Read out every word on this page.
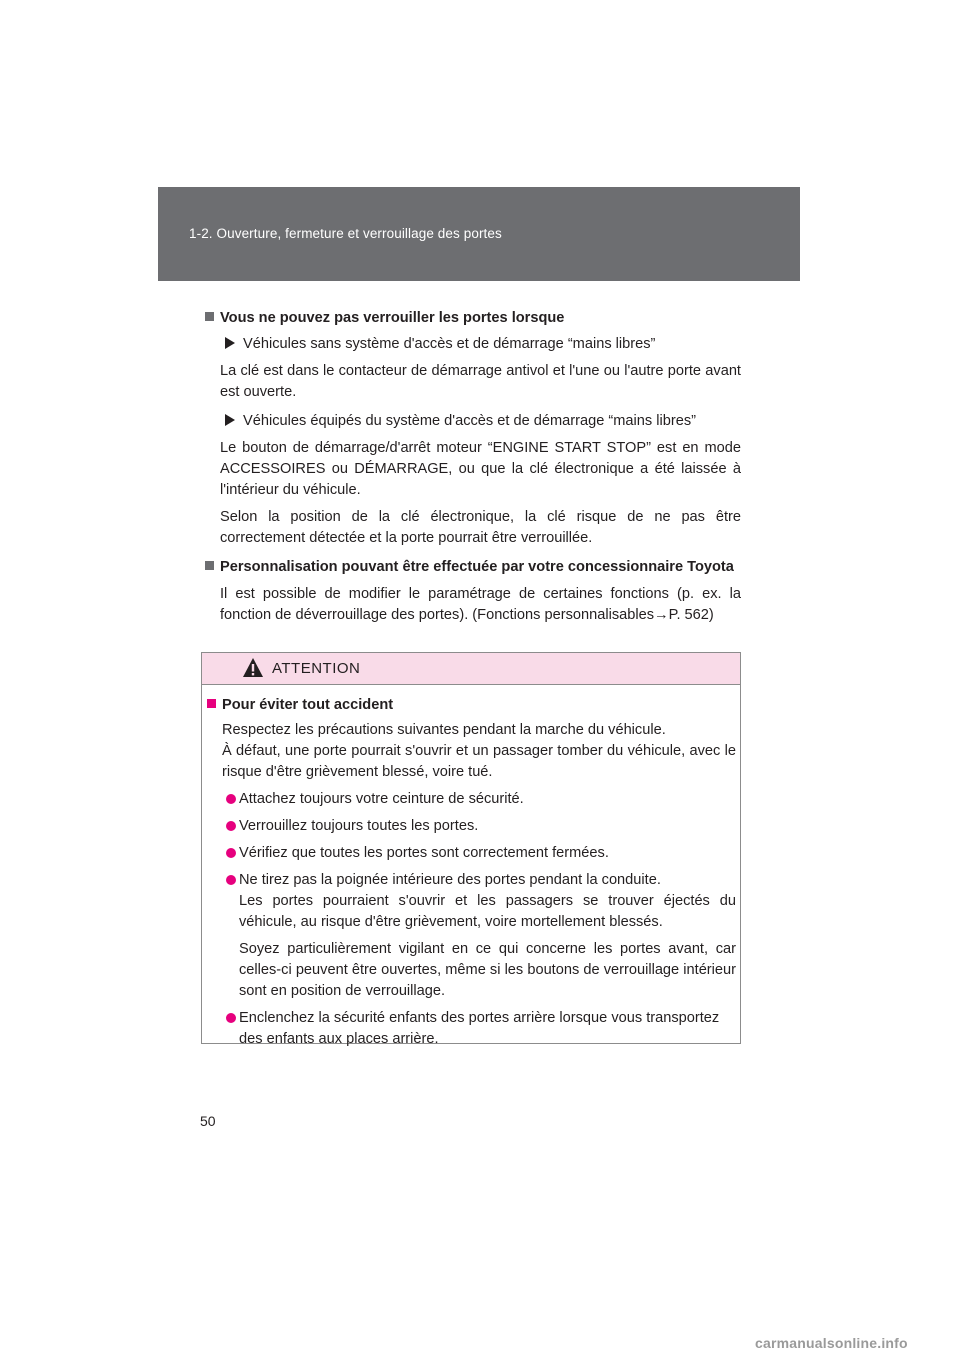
1-2. Ouverture, fermeture et verrouillage des portes

Vous ne pouvez pas verrouiller les portes lorsque

Véhicules sans système d'accès et de démarrage “mains libres”

La clé est dans le contacteur de démarrage antivol et l'une ou l'autre porte avant est ouverte.

Véhicules équipés du système d'accès et de démarrage “mains libres”

Le bouton de démarrage/d'arrêt moteur “ENGINE START STOP” est en mode ACCESSOIRES ou DÉMARRAGE, ou que la clé électronique a été laissée à l'intérieur du véhicule.

Selon la position de la clé électronique, la clé risque de ne pas être correctement détectée et la porte pourrait être verrouillée.

Personnalisation pouvant être effectuée par votre concessionnaire Toyota

Il est possible de modifier le paramétrage de certaines fonctions (p. ex. la fonction de déverrouillage des portes). (Fonctions personnalisables→P. 562)

ATTENTION
Pour éviter tout accident
Respectez les précautions suivantes pendant la marche du véhicule.
À défaut, une porte pourrait s'ouvrir et un passager tomber du véhicule, avec le risque d'être grièvement blessé, voire tué.
Attachez toujours votre ceinture de sécurité.
Verrouillez toujours toutes les portes.
Vérifiez que toutes les portes sont correctement fermées.
Ne tirez pas la poignée intérieure des portes pendant la conduite.
Les portes pourraient s'ouvrir et les passagers se trouver éjectés du véhicule, au risque d'être grièvement, voire mortellement blessés.
Soyez particulièrement vigilant en ce qui concerne les portes avant, car celles-ci peuvent être ouvertes, même si les boutons de verrouillage intérieur sont en position de verrouillage.
Enclenchez la sécurité enfants des portes arrière lorsque vous transportez des enfants aux places arrière.
50
carmanualsonline.info
